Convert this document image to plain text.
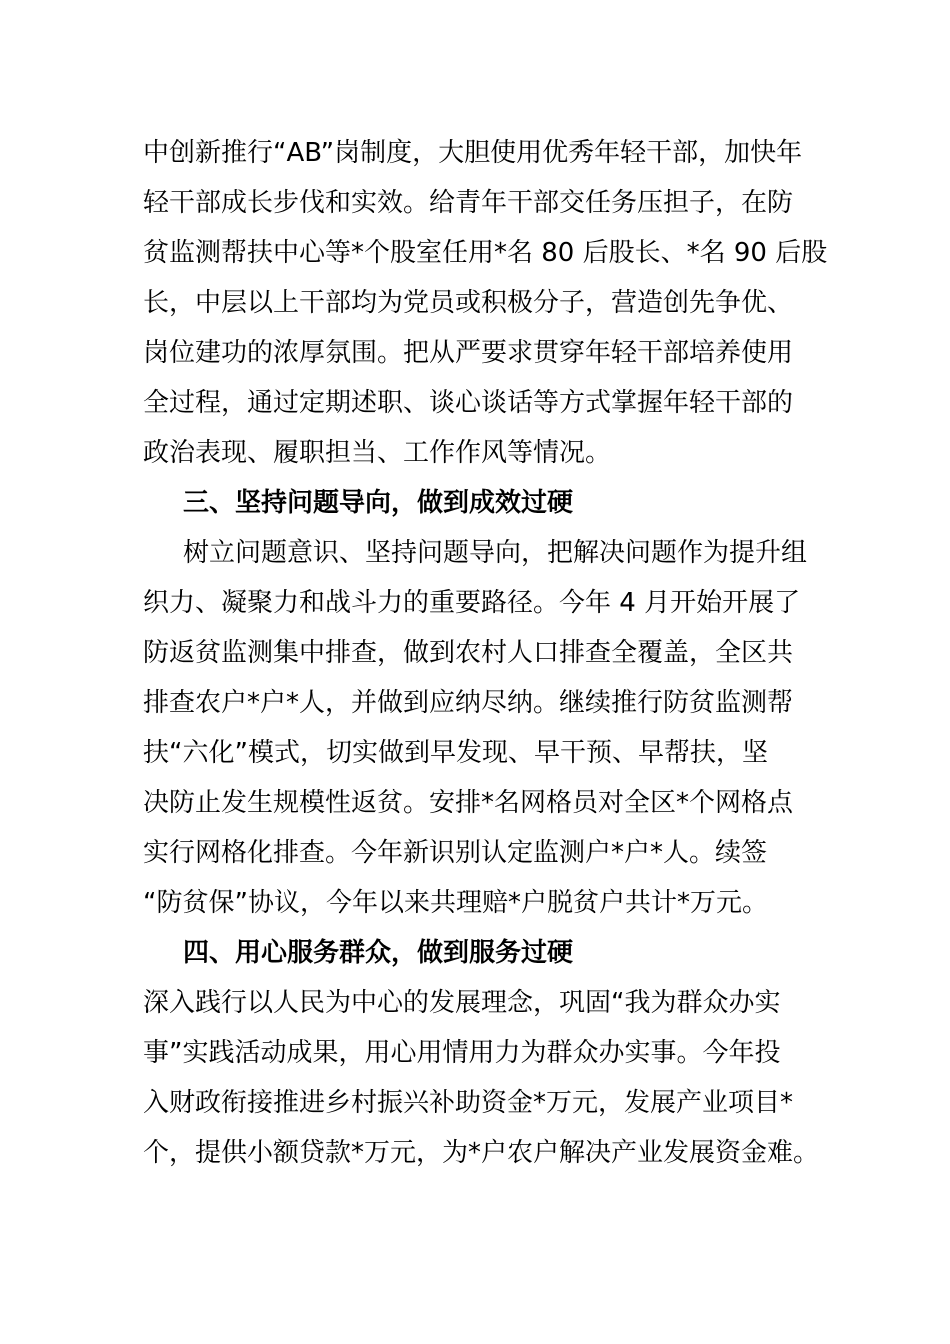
中创新推行“AB”岗制度，大胆使用优秀年轻干部，加快年
轻干部成长步伐和实效。给青年干部交任务压担子，在防
贫监测帮扶中心等*个股室任用*名 80 后股长、*名 90 后股
长，中层以上干部均为党员或积极分子，营造创先争优、
岗位建功的浓厚氛围。把从严要求贯穿年轻干部培养使用
全过程，通过定期述职、谈心谈话等方式掌握年轻干部的
政治表现、履职担当、工作作风等情况。
三、坚持问题导向，做到成效过硬
树立问题意识、坚持问题导向，把解决问题作为提升组
织力、凝聚力和战斗力的重要路径。今年 4 月开始开展了
防返贫监测集中排查，做到农村人口排查全覆盖，全区共
排查农户*户*人，并做到应纳尽纳。继续推行防贫监测帮
扶“六化”模式，切实做到早发现、早干预、早帮扶，坚
决防止发生规模性返贫。安排*名网格员对全区*个网格点
实行网格化排查。今年新识别认定监测户*户*人。续签
“防贫保”协议，今年以来共理赔*户脱贫户共计*万元。
四、用心服务群众，做到服务过硬
深入践行以人民为中心的发展理念，巩固“我为群众办实
事”实践活动成果，用心用情用力为群众办实事。今年投
入财政衔接推进乡村振兴补助资金*万元，发展产业项目*
个，提供小额贷款*万元，为*户农户解决产业发展资金难。
